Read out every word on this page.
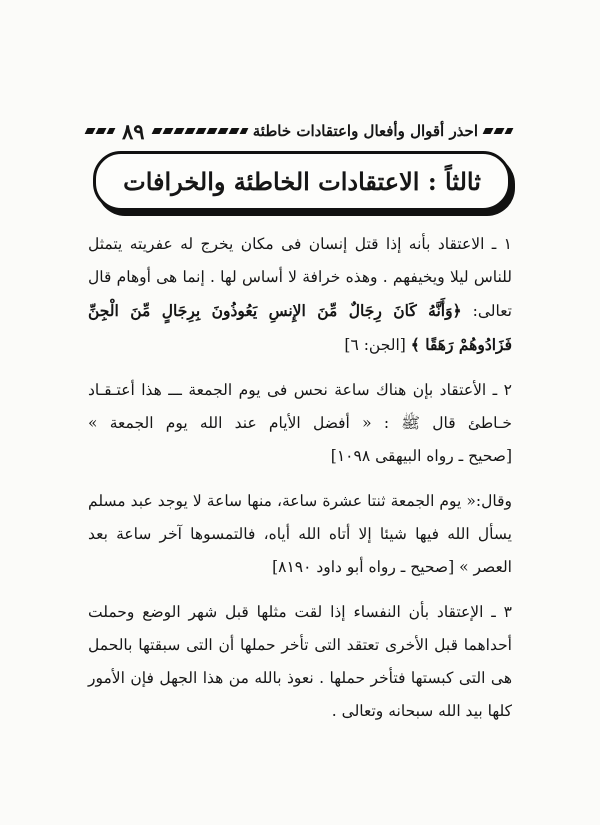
احذر أقوال وأفعال واعتقادات خاطئة
٨٩
ثالثاً : الاعتقادات الخاطئة والخرافات

١ ـ الاعتقاد بأنه إذا قتل إنسان فى مكان يخرج له عفريته يتمثل للناس ليلا ويخيفهم . وهذه خرافة لا أساس لها . إنما هى أوهام قال تعالى: ﴿وَأَنَّهُ كَانَ رِجَالٌ مِّنَ الإِنسِ يَعُوذُونَ بِرِجَالٍ مِّنَ الْجِنِّ فَزَادُوهُمْ رَهَقًا ﴾ [الجن: ٦]

٢ ـ الأعتقاد بإن هناك ساعة نحس فى يوم الجمعة ـــ هذا أعتـقـاد خـاطئ قال ﷺ : « أفضل الأيام عند الله يوم الجمعة » [صحيح ـ رواه البيهقى ١٠٩٨]

وقال:« يوم الجمعة ثنتا عشرة ساعة، منها ساعة لا يوجد عبد مسلم يسأل الله فيها شيئا إلا أتاه الله أياه، فالتمسوها آخر ساعة بعد العصر » [صحيح ـ رواه أبو داود ٨١٩٠]

٣ ـ الإعتقاد بأن النفساء إذا لقت مثلها قبل شهر الوضع وحملت أحداهما قبل الأخرى تعتقد التى تأخر حملها أن التى سبقتها بالحمل هى التى كبستها فتأخر حملها . نعوذ بالله من هذا الجهل فإن الأمور كلها بيد الله سبحانه وتعالى .
